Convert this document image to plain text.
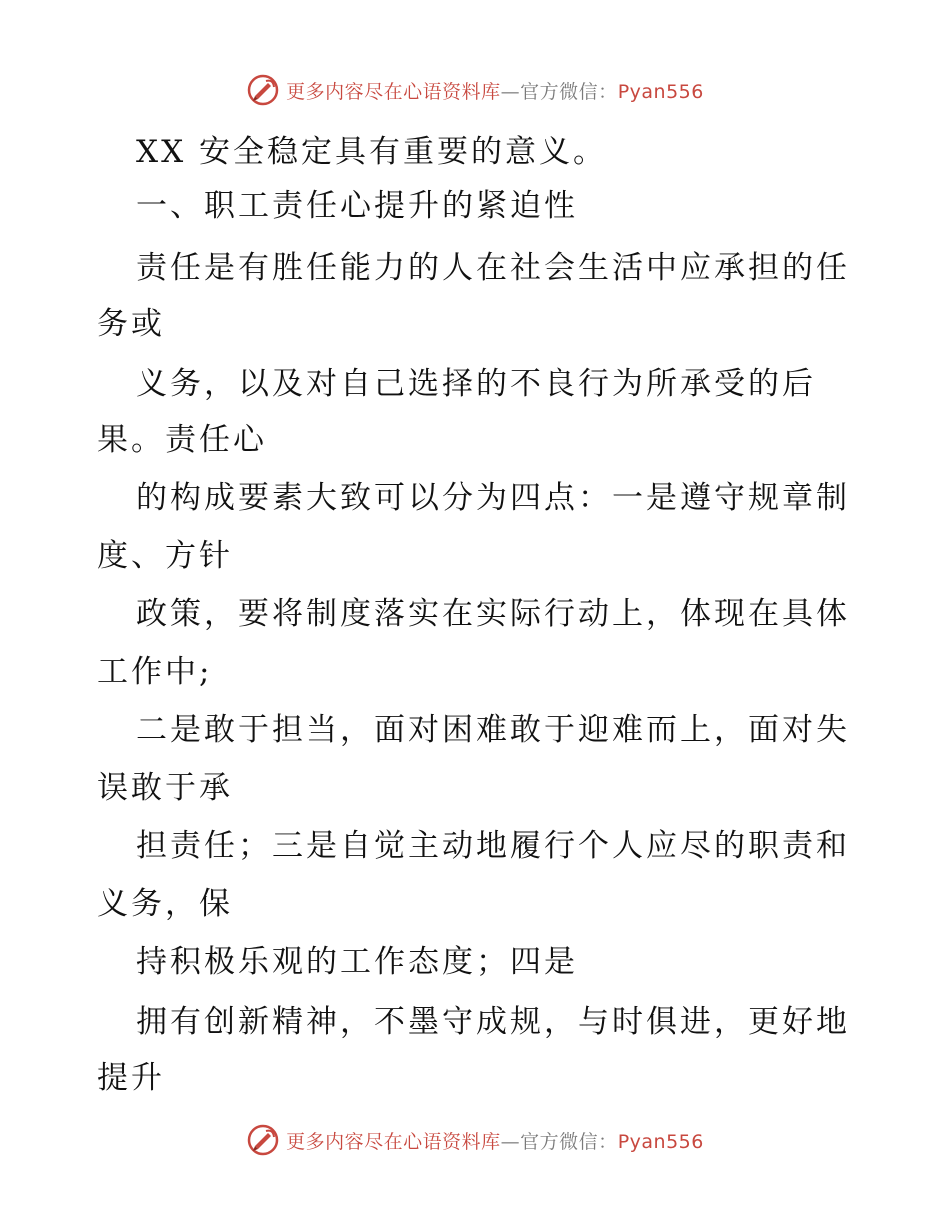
更多内容尽在心语资料库—官方微信：Pyan556
XX 安全稳定具有重要的意义。
一、职工责任心提升的紧迫性
责任是有胜任能力的人在社会生活中应承担的任
务或
义务，以及对自己选择的不良行为所承受的后
果。责任心
的构成要素大致可以分为四点：一是遵守规章制
度、方针
政策，要将制度落实在实际行动上，体现在具体
工作中;
二是敢于担当，面对困难敢于迎难而上，面对失
误敢于承
担责任；三是自觉主动地履行个人应尽的职责和
义务，保
持积极乐观的工作态度；四是
拥有创新精神，不墨守成规，与时俱进，更好地
提升
更多内容尽在心语资料库—官方微信：Pyan556
